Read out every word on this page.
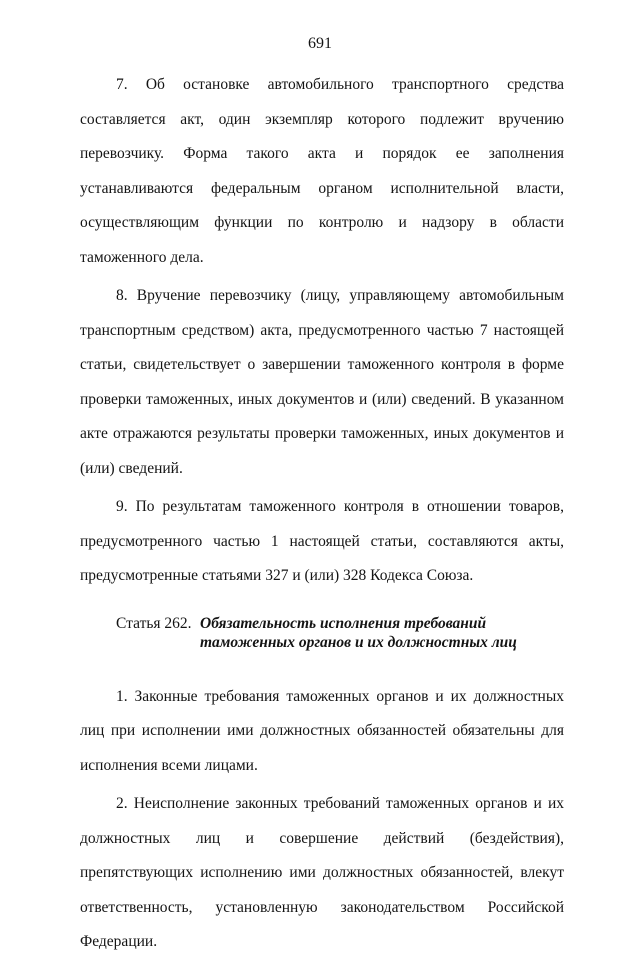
691

7. Об остановке автомобильного транспортного средства составляется акт, один экземпляр которого подлежит вручению перевозчику. Форма такого акта и порядок ее заполнения устанавливаются федеральным органом исполнительной власти, осуществляющим функции по контролю и надзору в области таможенного дела.

8. Вручение перевозчику (лицу, управляющему автомобильным транспортным средством) акта, предусмотренного частью 7 настоящей статьи, свидетельствует о завершении таможенного контроля в форме проверки таможенных, иных документов и (или) сведений. В указанном акте отражаются результаты проверки таможенных, иных документов и (или) сведений.

9. По результатам таможенного контроля в отношении товаров, предусмотренного частью 1 настоящей статьи, составляются акты, предусмотренные статьями 327 и (или) 328 Кодекса Союза.

Статья 262. Обязательность исполнения требований таможенных органов и их должностных лиц

1. Законные требования таможенных органов и их должностных лиц при исполнении ими должностных обязанностей обязательны для исполнения всеми лицами.

2. Неисполнение законных требований таможенных органов и их должностных лиц и совершение действий (бездействия), препятствующих исполнению ими должностных обязанностей, влекут ответственность, установленную законодательством Российской Федерации.
